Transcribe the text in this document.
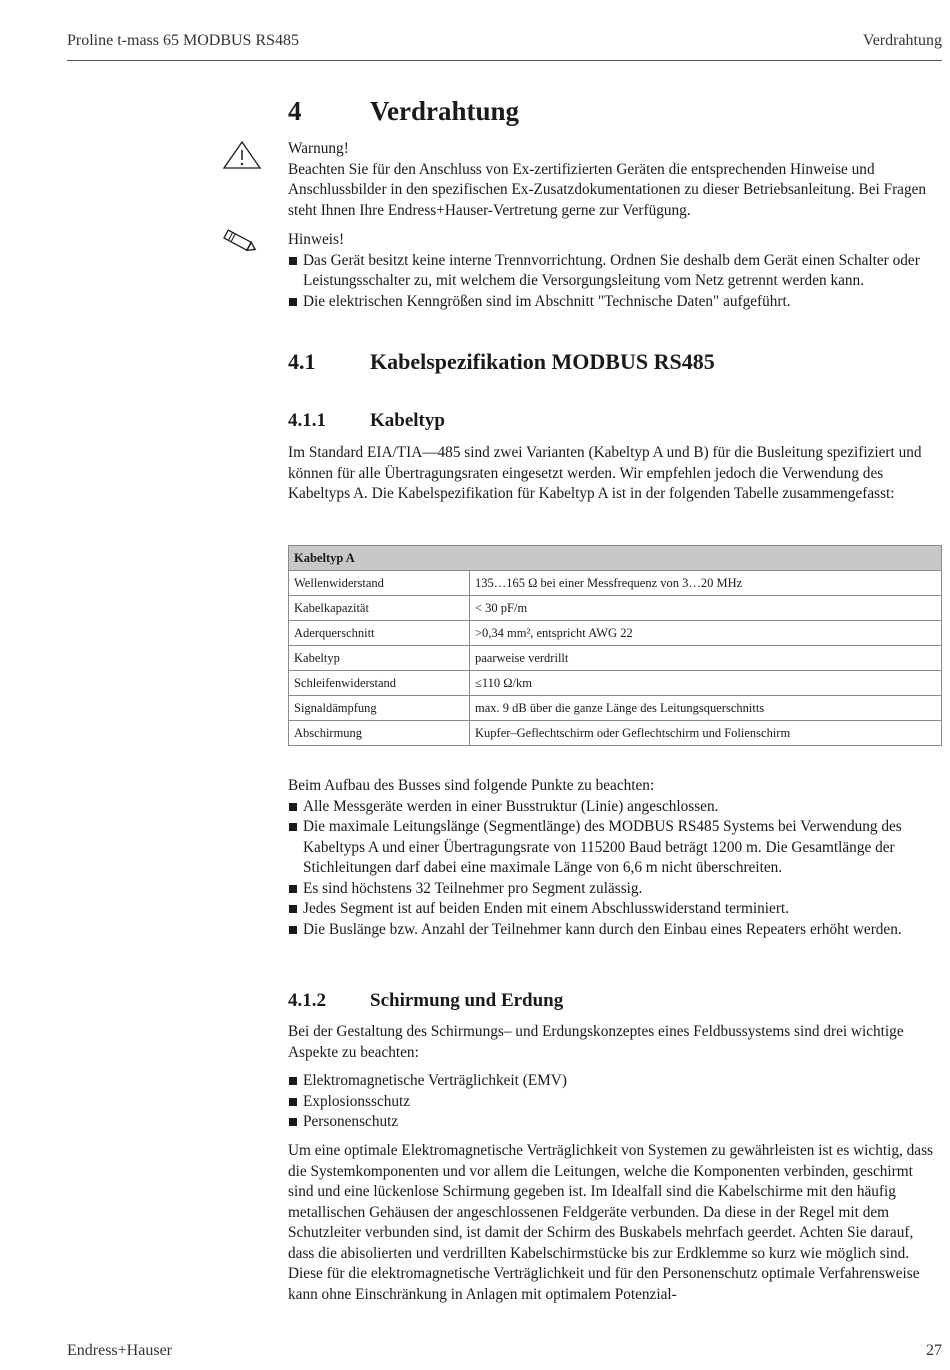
Proline t-mass 65 MODBUS RS485	Verdrahtung
4	Verdrahtung

Warnung!

Beachten Sie für den Anschluss von Ex-zertifizierten Geräten die entsprechenden Hinweise und Anschlussbilder in den spezifischen Ex-Zusatzdokumentationen zu dieser Betriebsanleitung. Bei Fragen steht Ihnen Ihre Endress+Hauser-Vertretung gerne zur Verfügung.

Hinweis!

Das Gerät besitzt keine interne Trennvorrichtung. Ordnen Sie deshalb dem Gerät einen Schalter oder Leistungsschalter zu, mit welchem die Versorgungsleitung vom Netz getrennt werden kann.
Die elektrischen Kenngrößen sind im Abschnitt "Technische Daten" aufgeführt.
4.1 Kabelspezifikation MODBUS RS485
4.1.1 Kabeltyp

Im Standard EIA/TIA—485 sind zwei Varianten (Kabeltyp A und B) für die Busleitung spezifiziert und können für alle Übertragungsraten eingesetzt werden. Wir empfehlen jedoch die Verwendung des Kabeltyps A. Die Kabelspezifikation für Kabeltyp A ist in der folgenden Tabelle zusammengefasst:

Kabeltyp A	
Wellenwiderstand	135…165 Ω bei einer Messfrequenz von 3…20 MHz
Kabelkapazität	< 30 pF/m
Aderquerschnitt	>0,34 mm², entspricht AWG 22
Kabeltyp	paarweise verdrillt
Schleifenwiderstand	≤110 Ω/km
Signaldämpfung	max. 9 dB über die ganze Länge des Leitungsquerschnitts
Abschirmung	Kupfer–Geflechtschirm oder Geflechtschirm und Folienschirm

Beim Aufbau des Busses sind folgende Punkte zu beachten:

Alle Messgeräte werden in einer Busstruktur (Linie) angeschlossen.
Die maximale Leitungslänge (Segmentlänge) des MODBUS RS485 Systems bei Verwendung des Kabeltyps A und einer Übertragungsrate von 115200 Baud beträgt 1200 m. Die Gesamtlänge der Stichleitungen darf dabei eine maximale Länge von 6,6 m nicht überschreiten.
Es sind höchstens 32 Teilnehmer pro Segment zulässig.
Jedes Segment ist auf beiden Enden mit einem Abschlusswiderstand terminiert.
Die Buslänge bzw. Anzahl der Teilnehmer kann durch den Einbau eines Repeaters erhöht werden.
4.1.2 Schirmung und Erdung

Bei der Gestaltung des Schirmungs– und Erdungskonzeptes eines Feldbussystems sind drei wichtige Aspekte zu beachten:

Elektromagnetische Verträglichkeit (EMV)
Explosionsschutz
Personenschutz

Um eine optimale Elektromagnetische Verträglichkeit von Systemen zu gewährleisten ist es wichtig, dass die Systemkomponenten und vor allem die Leitungen, welche die Komponenten verbinden, geschirmt sind und eine lückenlose Schirmung gegeben ist. Im Idealfall sind die Kabelschirme mit den häufig metallischen Gehäusen der angeschlossenen Feldgeräte verbunden. Da diese in der Regel mit dem Schutzleiter verbunden sind, ist damit der Schirm des Buskabels mehrfach geerdet. Achten Sie darauf, dass die abisolierten und verdrillten Kabelschirmstücke bis zur Erdklemme so kurz wie möglich sind. Diese für die elektromagnetische Verträglichkeit und für den Personenschutz optimale Verfahrensweise kann ohne Einschränkung in Anlagen mit optimalem Potenzial-

Endress+Hauser	27
